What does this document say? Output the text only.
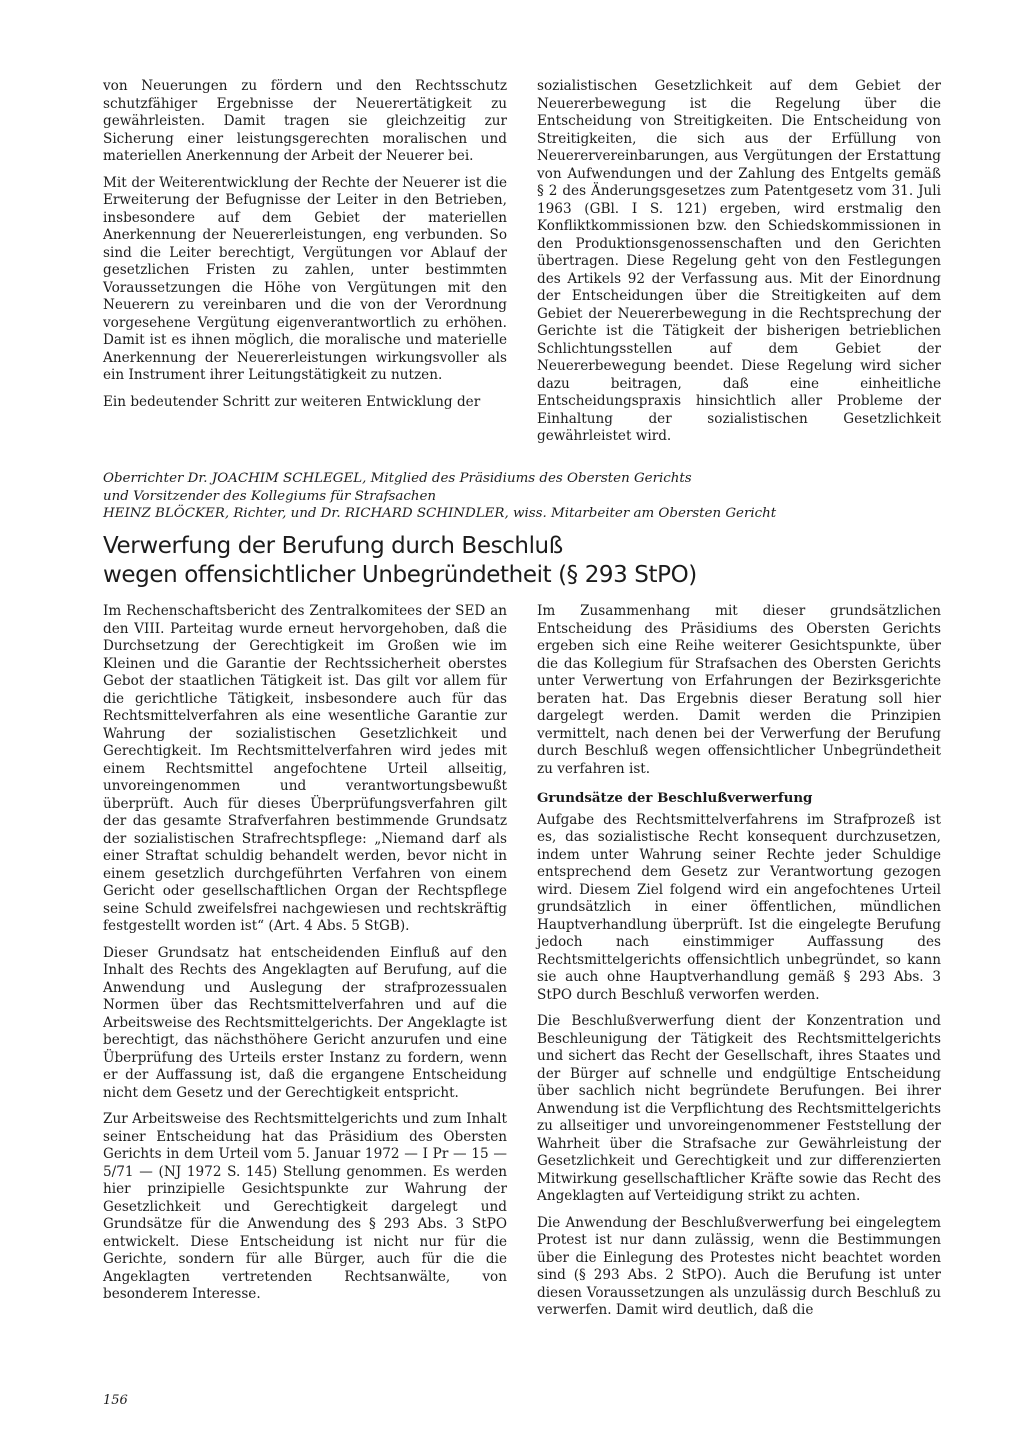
von Neuerungen zu fördern und den Rechtsschutz schutzfähiger Ergebnisse der Neuerertätigkeit zu gewährleisten. Damit tragen sie gleichzeitig zur Sicherung einer leistungsgerechten moralischen und materiellen Anerkennung der Arbeit der Neuerer bei.

Mit der Weiterentwicklung der Rechte der Neuerer ist die Erweiterung der Befugnisse der Leiter in den Betrieben, insbesondere auf dem Gebiet der materiellen Anerkennung der Neuererleistungen, eng verbunden. So sind die Leiter berechtigt, Vergütungen vor Ablauf der gesetzlichen Fristen zu zahlen, unter bestimmten Voraussetzungen die Höhe von Vergütungen mit den Neuerern zu vereinbaren und die von der Verordnung vorgesehene Vergütung eigenverantwortlich zu erhöhen. Damit ist es ihnen möglich, die moralische und materielle Anerkennung der Neuererleistungen wirkungsvoller als ein Instrument ihrer Leitungstätigkeit zu nutzen.

Ein bedeutender Schritt zur weiteren Entwicklung der

sozialistischen Gesetzlichkeit auf dem Gebiet der Neuererbewegung ist die Regelung über die Entscheidung von Streitigkeiten. Die Entscheidung von Streitigkeiten, die sich aus der Erfüllung von Neuerervereinbarungen, aus Vergütungen der Erstattung von Aufwendungen und der Zahlung des Entgelts gemäß § 2 des Änderungsgesetzes zum Patentgesetz vom 31. Juli 1963 (GBl. I S. 121) ergeben, wird erstmalig den Konfliktkommissionen bzw. den Schiedskommissionen in den Produktionsgenossenschaften und den Gerichten übertragen. Diese Regelung geht von den Festlegungen des Artikels 92 der Verfassung aus. Mit der Einordnung der Entscheidungen über die Streitigkeiten auf dem Gebiet der Neuererbewegung in die Rechtsprechung der Gerichte ist die Tätigkeit der bisherigen betrieblichen Schlichtungsstellen auf dem Gebiet der Neuererbewegung beendet. Diese Regelung wird sicher dazu beitragen, daß eine einheitliche Entscheidungspraxis hinsichtlich aller Probleme der Einhaltung der sozialistischen Gesetzlichkeit gewährleistet wird.

Oberrichter Dr. JOACHIM SCHLEGEL, Mitglied des Präsidiums des Obersten Gerichts
und Vorsitzender des Kollegiums für Strafsachen
HEINZ BLÖCKER, Richter, und Dr. RICHARD SCHINDLER, wiss. Mitarbeiter am Obersten Gericht
Verwerfung der Berufung durch Beschluß
wegen offensichtlicher Unbegründetheit (§ 293 StPO)

Im Rechenschaftsbericht des Zentralkomitees der SED an den VIII. Parteitag wurde erneut hervorgehoben, daß die Durchsetzung der Gerechtigkeit im Großen wie im Kleinen und die Garantie der Rechtssicherheit oberstes Gebot der staatlichen Tätigkeit ist. Das gilt vor allem für die gerichtliche Tätigkeit, insbesondere auch für das Rechtsmittelverfahren als eine wesentliche Garantie zur Wahrung der sozialistischen Gesetzlichkeit und Gerechtigkeit. Im Rechtsmittelverfahren wird jedes mit einem Rechtsmittel angefochtene Urteil allseitig, unvoreingenommen und verantwortungsbewußt überprüft. Auch für dieses Überprüfungsverfahren gilt der das gesamte Strafverfahren bestimmende Grundsatz der sozialistischen Strafrechtspflege: „Niemand darf als einer Straftat schuldig behandelt werden, bevor nicht in einem gesetzlich durchgeführten Verfahren von einem Gericht oder gesellschaftlichen Organ der Rechtspflege seine Schuld zweifelsfrei nachgewiesen und rechtskräftig festgestellt worden ist“ (Art. 4 Abs. 5 StGB).

Dieser Grundsatz hat entscheidenden Einfluß auf den Inhalt des Rechts des Angeklagten auf Berufung, auf die Anwendung und Auslegung der strafprozessualen Normen über das Rechtsmittelverfahren und auf die Arbeitsweise des Rechtsmittelgerichts. Der Angeklagte ist berechtigt, das nächsthöhere Gericht anzurufen und eine Überprüfung des Urteils erster Instanz zu fordern, wenn er der Auffassung ist, daß die ergangene Entscheidung nicht dem Gesetz und der Gerechtigkeit entspricht.

Zur Arbeitsweise des Rechtsmittelgerichts und zum Inhalt seiner Entscheidung hat das Präsidium des Obersten Gerichts in dem Urteil vom 5. Januar 1972 — I Pr — 15 — 5/71 — (NJ 1972 S. 145) Stellung genommen. Es werden hier prinzipielle Gesichtspunkte zur Wahrung der Gesetzlichkeit und Gerechtigkeit dargelegt und Grundsätze für die Anwendung des § 293 Abs. 3 StPO entwickelt. Diese Entscheidung ist nicht nur für die Gerichte, sondern für alle Bürger, auch für die die Angeklagten vertretenden Rechtsanwälte, von besonderem Interesse.

Im Zusammenhang mit dieser grundsätzlichen Entscheidung des Präsidiums des Obersten Gerichts ergeben sich eine Reihe weiterer Gesichtspunkte, über die das Kollegium für Strafsachen des Obersten Gerichts unter Verwertung von Erfahrungen der Bezirksgerichte beraten hat. Das Ergebnis dieser Beratung soll hier dargelegt werden. Damit werden die Prinzipien vermittelt, nach denen bei der Verwerfung der Berufung durch Beschluß wegen offensichtlicher Unbegründetheit zu verfahren ist.

Grundsätze der Beschlußverwerfung

Aufgabe des Rechtsmittelverfahrens im Strafprozeß ist es, das sozialistische Recht konsequent durchzusetzen, indem unter Wahrung seiner Rechte jeder Schuldige entsprechend dem Gesetz zur Verantwortung gezogen wird. Diesem Ziel folgend wird ein angefochtenes Urteil grundsätzlich in einer öffentlichen, mündlichen Hauptverhandlung überprüft. Ist die eingelegte Berufung jedoch nach einstimmiger Auffassung des Rechtsmittelgerichts offensichtlich unbegründet, so kann sie auch ohne Hauptverhandlung gemäß § 293 Abs. 3 StPO durch Beschluß verworfen werden.

Die Beschlußverwerfung dient der Konzentration und Beschleunigung der Tätigkeit des Rechtsmittelgerichts und sichert das Recht der Gesellschaft, ihres Staates und der Bürger auf schnelle und endgültige Entscheidung über sachlich nicht begründete Berufungen. Bei ihrer Anwendung ist die Verpflichtung des Rechtsmittelgerichts zu allseitiger und unvoreingenommener Feststellung der Wahrheit über die Strafsache zur Gewährleistung der Gesetzlichkeit und Gerechtigkeit und zur differenzierten Mitwirkung gesellschaftlicher Kräfte sowie das Recht des Angeklagten auf Verteidigung strikt zu achten.

Die Anwendung der Beschlußverwerfung bei eingelegtem Protest ist nur dann zulässig, wenn die Bestimmungen über die Einlegung des Protestes nicht beachtet worden sind (§ 293 Abs. 2 StPO). Auch die Berufung ist unter diesen Voraussetzungen als unzulässig durch Beschluß zu verwerfen. Damit wird deutlich, daß die

156
